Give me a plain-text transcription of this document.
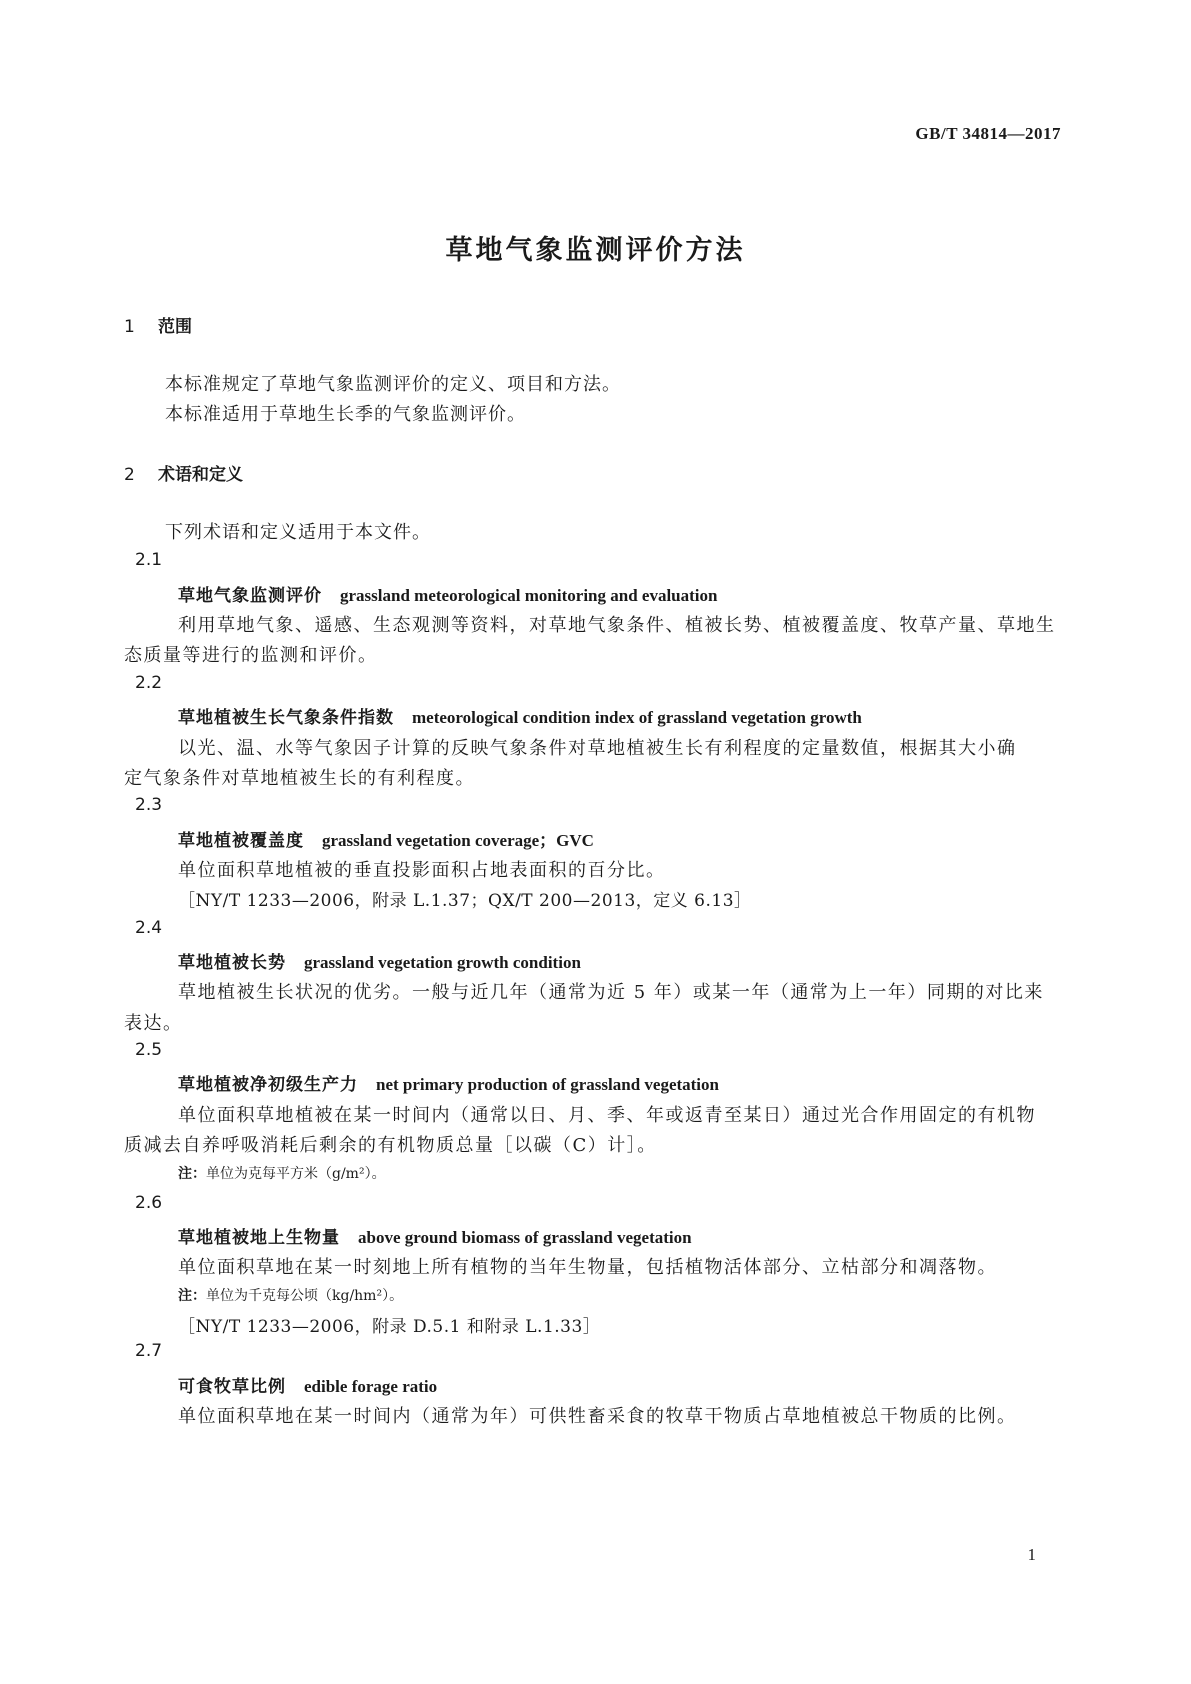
GB/T 34814—2017
草地气象监测评价方法
1 范围
本标准规定了草地气象监测评价的定义、项目和方法。
本标准适用于草地生长季的气象监测评价。
2 术语和定义
下列术语和定义适用于本文件。
2.1
草地气象监测评价 grassland meteorological monitoring and evaluation
利用草地气象、遥感、生态观测等资料，对草地气象条件、植被长势、植被覆盖度、牧草产量、草地生
态质量等进行的监测和评价。
2.2
草地植被生长气象条件指数 meteorological condition index of grassland vegetation growth
以光、温、水等气象因子计算的反映气象条件对草地植被生长有利程度的定量数值，根据其大小确
定气象条件对草地植被生长的有利程度。
2.3
草地植被覆盖度 grassland vegetation coverage；GVC
单位面积草地植被的垂直投影面积占地表面积的百分比。
［NY/T 1233—2006，附录 L.1.37；QX/T 200—2013，定义 6.13］
2.4
草地植被长势 grassland vegetation growth condition
草地植被生长状况的优劣。一般与近几年（通常为近 5 年）或某一年（通常为上一年）同期的对比来
表达。
2.5
草地植被净初级生产力 net primary production of grassland vegetation
单位面积草地植被在某一时间内（通常以日、月、季、年或返青至某日）通过光合作用固定的有机物
质减去自养呼吸消耗后剩余的有机物质总量［以碳（C）计］。
注：单位为克每平方米（g/m²）。
2.6
草地植被地上生物量 above ground biomass of grassland vegetation
单位面积草地在某一时刻地上所有植物的当年生物量，包括植物活体部分、立枯部分和凋落物。
注：单位为千克每公顷（kg/hm²）。
［NY/T 1233—2006，附录 D.5.1 和附录 L.1.33］
2.7
可食牧草比例 edible forage ratio
单位面积草地在某一时间内（通常为年）可供牲畜采食的牧草干物质占草地植被总干物质的比例。
1
